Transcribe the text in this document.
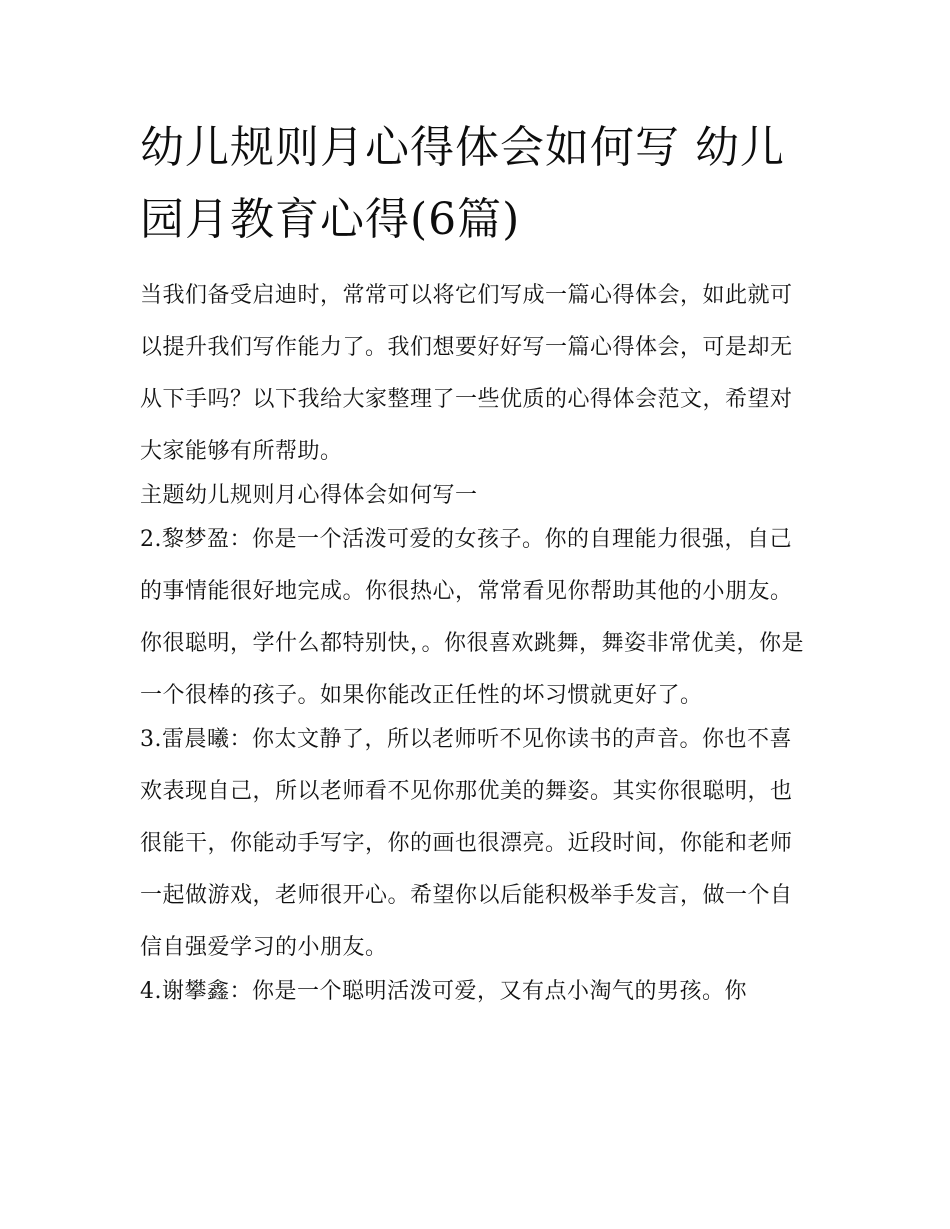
幼儿规则月心得体会如何写 幼儿园月教育心得(6篇)

当我们备受启迪时，常常可以将它们写成一篇心得体会，如此就可以提升我们写作能力了。我们想要好好写一篇心得体会，可是却无从下手吗？以下我给大家整理了一些优质的心得体会范文，希望对大家能够有所帮助。

主题幼儿规则月心得体会如何写一

2.黎梦盈：你是一个活泼可爱的女孩子。你的自理能力很强，自己的事情能很好地完成。你很热心，常常看见你帮助其他的小朋友。你很聪明，学什么都特别快，。你很喜欢跳舞，舞姿非常优美，你是一个很棒的孩子。如果你能改正任性的坏习惯就更好了。

3.雷晨曦：你太文静了，所以老师听不见你读书的声音。你也不喜欢表现自己，所以老师看不见你那优美的舞姿。其实你很聪明，也很能干，你能动手写字，你的画也很漂亮。近段时间，你能和老师一起做游戏，老师很开心。希望你以后能积极举手发言，做一个自信自强爱学习的小朋友。

4.谢攀鑫：你是一个聪明活泼可爱，又有点小淘气的男孩。你
